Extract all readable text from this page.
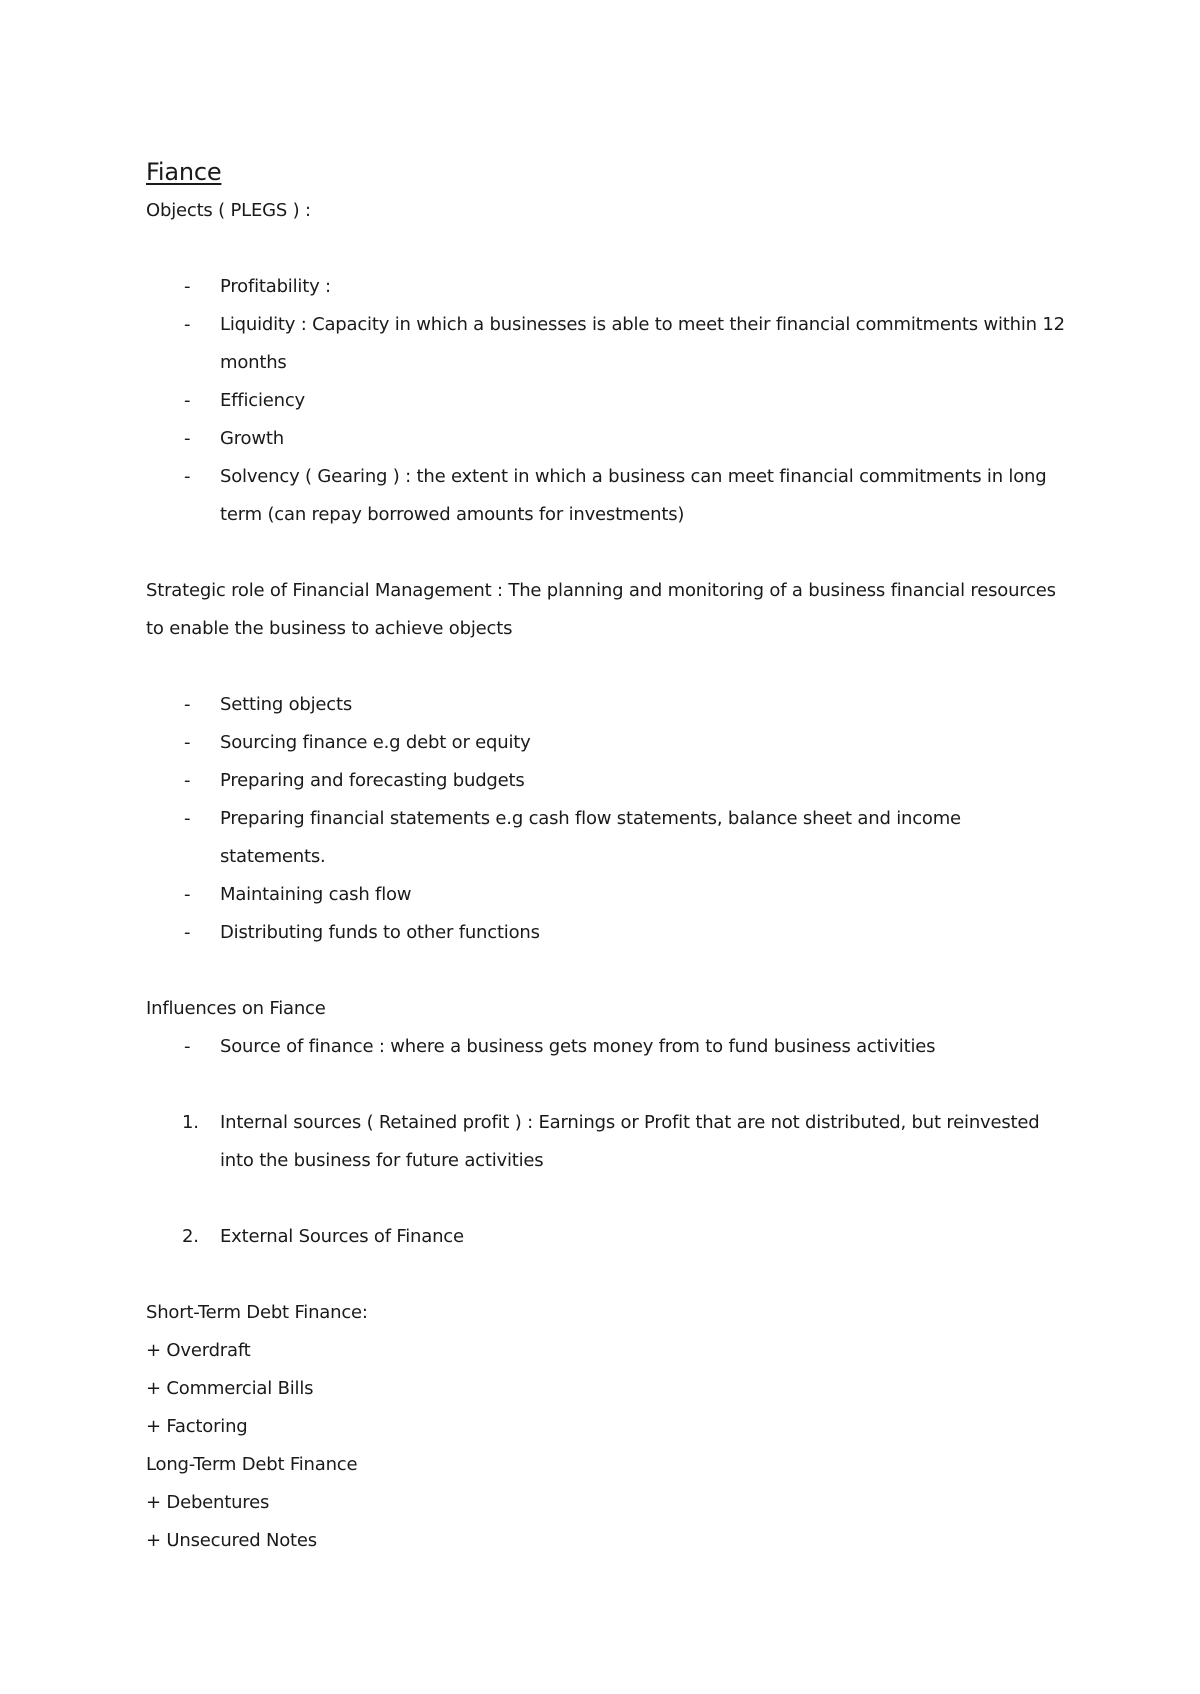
Fiance

Objects ( PLEGS ) :

- Profitability :
- Liquidity : Capacity in which a businesses is able to meet their financial commitments within 12 months
- Efficiency
- Growth
- Solvency ( Gearing ) : the extent in which a business can meet financial commitments in long term (can repay borrowed amounts for investments)

Strategic role of Financial Management : The planning and monitoring of a business financial resources to enable the business to achieve objects

- Setting objects
- Sourcing finance e.g debt or equity
- Preparing and forecasting budgets
- Preparing financial statements e.g cash flow statements, balance sheet and income statements.
- Maintaining cash flow
- Distributing funds to other functions

Influences on Fiance

- Source of finance : where a business gets money from to fund business activities
1. Internal sources ( Retained profit ) : Earnings or Profit that are not distributed, but reinvested into the business for future activities
2. External Sources of Finance

Short-Term Debt Finance:

+ Overdraft

+ Commercial Bills

+ Factoring

Long-Term Debt Finance

+ Debentures

+ Unsecured Notes
